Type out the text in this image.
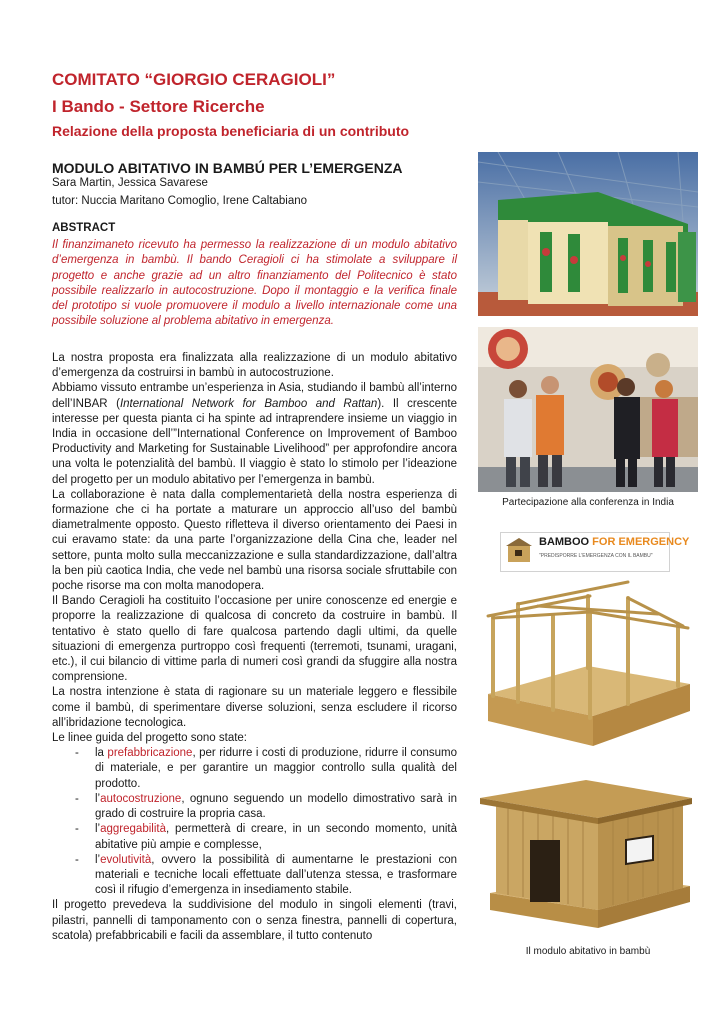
COMITATO “GIORGIO CERAGIOLI”
I Bando - Settore Ricerche
Relazione della proposta beneficiaria di un contributo
MODULO ABITATIVO IN BAMBÚ PER L’EMERGENZA
Sara Martin, Jessica Savarese
tutor: Nuccia Maritano Comoglio, Irene Caltabiano
ABSTRACT
Il finanzimaneto ricevuto ha permesso la realizzazione di un modulo abitativo d’emergenza in bambù. Il bando Ceragioli ci ha stimolate a sviluppare il progetto e anche grazie ad un altro finanziamento del Politecnico è stato possibile realizzarlo in autocostruzione. Dopo il montaggio e la verifica finale del prototipo si vuole promuovere il modulo a livello internazionale come una possibile soluzione al problema abitativo in emergenza.

La nostra proposta era finalizzata alla realizzazione di un modulo abitativo d’emergenza da costruirsi in bambù in autocostruzione.

Abbiamo vissuto entrambe un’esperienza in Asia, studiando il bambù all’interno dell’INBAR (International Network for Bamboo and Rattan). Il crescente interesse per questa pianta ci ha spinte ad intraprendere insieme un viaggio in India in occasione dell’”International Conference on Improvement of Bamboo Productivity and Marketing for Sustainable Livelihood” per approfondire ancora una volta le potenzialità del bambù. Il viaggio è stato lo stimolo per l’ideazione del progetto per un modulo abitativo per l’emergenza in bambù.

La collaborazione è nata dalla complementarietà della nostra esperienza di formazione che ci ha portate a maturare un approccio all’uso del bambù diametralmente opposto. Questo rifletteva il diverso orientamento dei Paesi in cui eravamo state: da una parte l’organizzazione della Cina che, leader nel settore, punta molto sulla meccanizzazione e sulla standardizzazione, dall’altra la ben più caotica India, che vede nel bambù una risorsa sociale sfruttabile con poche risorse ma con molta manodopera.

Il Bando Ceragioli ha costituito l’occasione per unire conoscenze ed energie e proporre la realizzazione di qualcosa di concreto da costruire in bambù. Il tentativo è stato quello di fare qualcosa partendo dagli ultimi, da quelle situazioni di emergenza purtroppo così frequenti (terremoti, tsunami, uragani, etc.), il cui bilancio di vittime parla di numeri così grandi da sfuggire alla nostra comprensione.

La nostra intenzione è stata di ragionare su un materiale leggero e flessibile come il bambù, di sperimentare diverse soluzioni, senza escludere il ricorso all’ibridazione tecnologica.

Le linee guida del progetto sono state:

- la prefabbricazione, per ridurre i costi di produzione, ridurre il consumo di materiale, e per garantire un maggior controllo sulla qualità del prodotto.
- l’autocostruzione, ognuno seguendo un modello dimostrativo sarà in grado di costruire la propria casa.
- l’aggregabilità, permetterà di creare, in un secondo momento, unità abitative più ampie e complesse,
- l’evolutività, ovvero la possibilità di aumentarne le prestazioni con materiali e tecniche locali effettuate dall’utenza stessa, e trasformare così il rifugio d’emergenza in insediamento stabile.

Il progetto prevedeva la suddivisione del modulo in singoli elementi (travi, pilastri, pannelli di tamponamento con o senza finestra, pannelli di copertura, scatola) prefabbricabili e facili da assemblare, il tutto contenuto

Partecipazione alla conferenza in India
BAMBOO FOR EMERGENCY
"PREDISPORRE L'EMERGENZA CON IL BAMBU"
Il modulo abitativo in bambù
